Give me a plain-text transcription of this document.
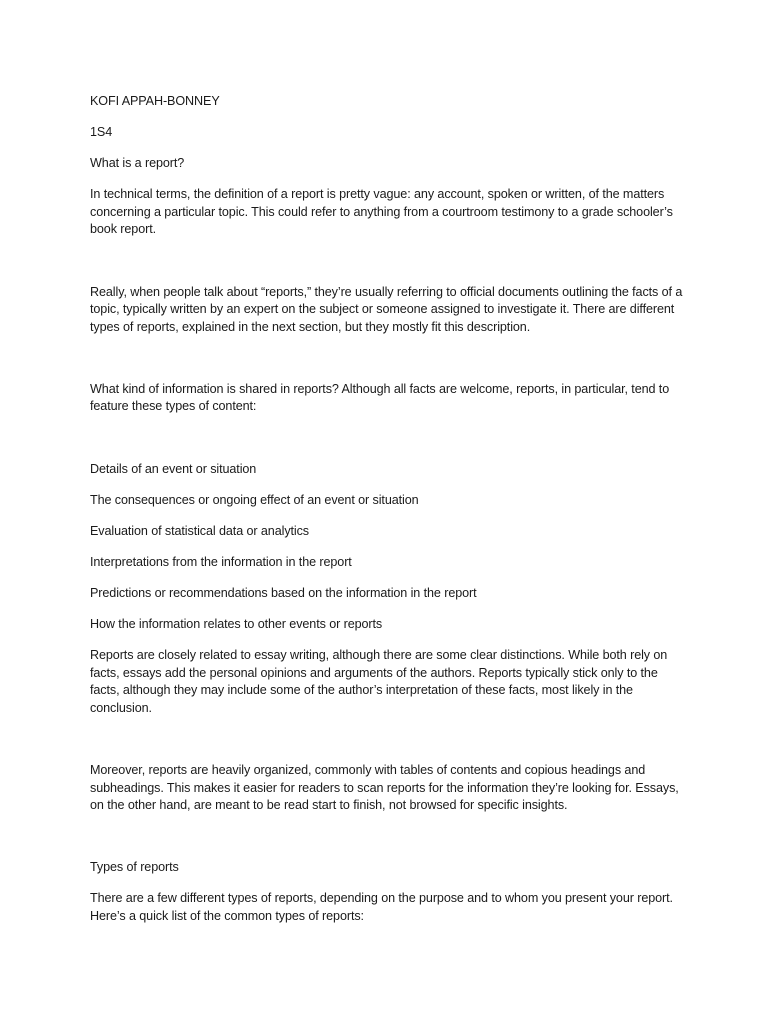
KOFI APPAH-BONNEY

1S4

What is a report?

In technical terms, the definition of a report is pretty vague: any account, spoken or written, of the matters concerning a particular topic. This could refer to anything from a courtroom testimony to a grade schooler’s book report.

Really, when people talk about “reports,” they’re usually referring to official documents outlining the facts of a topic, typically written by an expert on the subject or someone assigned to investigate it. There are different types of reports, explained in the next section, but they mostly fit this description.

What kind of information is shared in reports? Although all facts are welcome, reports, in particular, tend to feature these types of content:

Details of an event or situation

The consequences or ongoing effect of an event or situation

Evaluation of statistical data or analytics

Interpretations from the information in the report

Predictions or recommendations based on the information in the report

How the information relates to other events or reports

Reports are closely related to essay writing, although there are some clear distinctions. While both rely on facts, essays add the personal opinions and arguments of the authors. Reports typically stick only to the facts, although they may include some of the author’s interpretation of these facts, most likely in the conclusion.

Moreover, reports are heavily organized, commonly with tables of contents and copious headings and subheadings. This makes it easier for readers to scan reports for the information they’re looking for. Essays, on the other hand, are meant to be read start to finish, not browsed for specific insights.

Types of reports

There are a few different types of reports, depending on the purpose and to whom you present your report. Here’s a quick list of the common types of reports:
